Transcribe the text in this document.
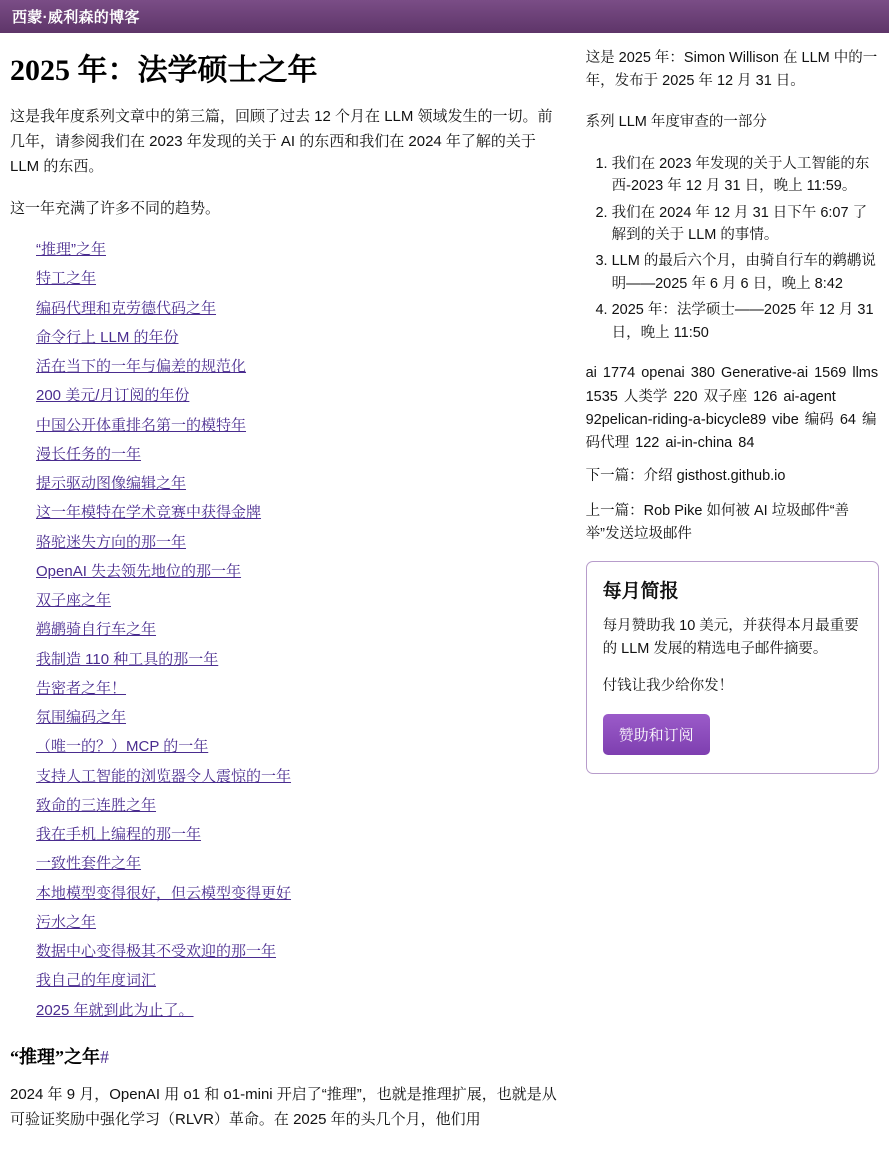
西蒙·威利森的博客
2025 年：法学硕士之年

这是我年度系列文章中的第三篇，回顾了过去 12 个月在 LLM 领域发生的一切。前几年，请参阅我们在 2023 年发现的关于 AI 的东西和我们在 2024 年了解的关于 LLM 的东西。

这一年充满了许多不同的趋势。

“推理”之年
特工之年
编码代理和克劳德代码之年
命令行上 LLM 的年份
活在当下的一年与偏差的规范化
200 美元/月订阅的年份
中国公开体重排名第一的模特年
漫长任务的一年
提示驱动图像编辑之年
这一年模特在学术竞赛中获得金牌
骆驼迷失方向的那一年
OpenAI 失去领先地位的那一年
双子座之年
鹈鹕骑自行车之年
我制造 110 种工具的那一年
告密者之年！
氛围编码之年
（唯一的？）MCP 的一年
支持人工智能的浏览器令人震惊的一年
致命的三连胜之年
我在手机上编程的那一年
一致性套件之年
本地模型变得很好，但云模型变得更好
污水之年
数据中心变得极其不受欢迎的那一年
我自己的年度词汇
2025 年就到此为止了。
“推理”之年#

2024 年 9 月，OpenAI 用 o1 和 o1-mini 开启了“推理”，也就是推理扩展，也就是从可验证奖励中强化学习（RLVR）革命。在 2025 年的头几个月，他们用

这是 2025 年：Simon Willison 在 LLM 中的一年，发布于 2025 年 12 月 31 日。

系列 LLM 年度审查的一部分

1. 我们在 2023 年发现的关于人工智能的东西-2023 年 12 月 31 日，晚上 11:59。
2. 我们在 2024 年 12 月 31 日下午 6:07 了解到的关于 LLM 的事情。
3. LLM 的最后六个月，由骑自行车的鹈鹕说明——2025 年 6 月 6 日，晚上 8:42
4. 2025 年：法学硕士——2025 年 12 月 31 日，晚上 11:50

ai 1774 openai 380 Generative-ai 1569 llms 1535 人类学 220 双子座 126 ai-agent 92pelican-riding-a-bicycle89 vibe 编码 64 编码代理 122 ai-in-china 84

下一篇：介绍 gisthost.github.io

上一篇：Rob Pike 如何被 AI 垃圾邮件“善举”发送垃圾邮件

每月简报

每月赞助我 10 美元，并获得本月最重要的 LLM 发展的精选电子邮件摘要。

付钱让我少给你发！

赞助和订阅
